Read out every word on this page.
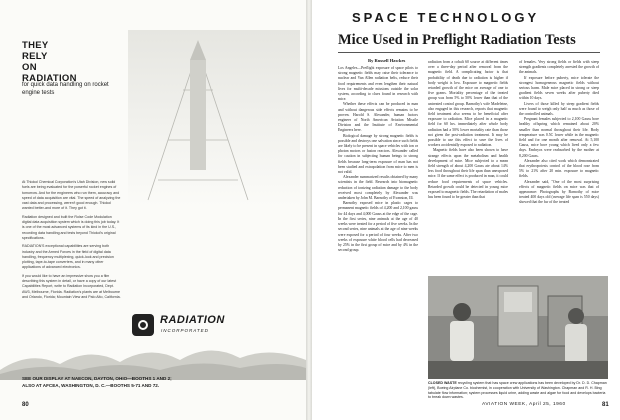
THEY
RELY
ON
RADIATION
for quick data handling on rocket engine tests

At Thiokol Chemical Corporation's Utah Division, new solid fuels are being evaluated for the powerful rocket engines of tomorrow. And for the engineers who run them, accuracy and speed of data acquisition are vital. The speed of analyzing the vast data and processing, weren't good enough. Thiokol wanted better-and more of it. They got it.

Radiation designed and built the Rolse Code Modulation digital data acquisition system which is doing this job today. It is one of the most advanced systems of its kind in the U.S., recording data handling and tests beyond Thiokol's original specifications.

RADIATION'S exceptional capabilities are serving both industry and the Armed Forces in the field of digital data handling, frequency multiplexing, quick-look and precision plotting, tape-to-tape converters, and in many other applications of advanced electronics.

If you would like to have an impressive show you a film describing this system in detail, or have a copy of our latest Capabilities Report, write to Radiation Incorporated, Dept. AW3, Melbourne, Florida. Radiation's plants are at Melbourne and Orlando, Florida; Mountain View and Palo Alto, California.

RADIATION
INCORPORATED
SEE OUR DISPLAY AT NAECON, DAYTON, OHIO—BOOTHS 1 AND 2;
ALSO AT AFCEA, WASHINGTON, D. C.—BOOTHS 5-71 AND 72.
80
SPACE TECHNOLOGY
Mice Used in Preflight Radiation Tests
By Russell Hawkes

Los Angeles—Preflight exposure of space pilots to strong magnetic fields may raise their tolerance to nuclear and Van Allen radiation belts, reduce their food requirements and even lengthen their natural lives for multi-decade missions outside the solar system, according to clues found in research with mice.

Whether these effects can be produced in man and without dangerous side effects remains to be proven. Harold S. Alexander, human factors engineer of North American Aviation Missile Division and the Institute of Environmental Engineers here.

Biological damage by strong magnetic fields is possible and destroys one salvation since such fields are likely to be present in space vehicles with ion or photon motors or fusion reactors. Alexander called for caution in subjecting human beings to strong fields because long-term exposure of man has not been studied and extrapolation from mice to men is not valid.

Alexander summarized results obtained by many scientists in the field. Research into biomagnetic reduction of ionizing radiation damage to the body received most completely by Alexander was undertaken by John M. Barnothy of Evanston, Ill.

Barnothy exposed mice in plastic cages to permanent magnetic fields of 4,200 and 2,100 gauss for 44 days and 4,000 Gauss at the edge of the cage. In the first series, nine animals at the age of 40 weeks were treated for a period of five weeks. In the second series, nine animals at the age of nine weeks were exposed for a period of four weeks. After two weeks of exposure white blood cells had decreased by 25% in the first group of mice and by 4% in the second group.

radiation from a cobalt 60 source at different times over a three-day period after removal from the magnetic field. A complicating factor is that probability of death due to radiation is higher if body weight is low. Exposure to magnetic fields retarded growth of the mice on average of one to five grams. Mortality percentage of the treated group was from 5% to 50% lower than that of the untreated control group. Barnothy's wife Madeleine, also engaged in this research, reports that magnetic field treatment also seems to be beneficial after exposure to radiation. Mice placed in a magnetic field for 60 hrs. immediately after whole body radiation had a 50% lower mortality rate than those not given the post-radiation treatment. It may be possible to use this effect to save the lives of workers accidentally exposed to radiation.

Magnetic fields have also been shown to have strange effects upon the metabolism and health development of mice. Mice subjected to a mean field strength of about 4,200 Gauss ate about 14% less food throughout their life span than unexposed mice. If the same effect is produced in man, it could reduce food requirements of space vehicles. Retarded growth could be detected in young mice exposed to magnetic fields. The retardation of males has been found to be greater than that

of females. Very strong fields or fields with steep strength gradients completely arrested the growth of the animals.

If exposure before puberty, mice tolerate the strongest homogeneous magnetic fields without serious harm. Male mice placed in strong or steep gradient fields seven weeks after puberty died within 10 days.

Livers of those killed by steep gradient fields were found to weigh only half as much as those of the controlled animals.

Pregnant females subjected to 2,100 Gauss bore healthy offspring which remained about 20% smaller than normal throughout their life. Body temperature was 0.5C lower while in the magnetic field and for one month after removal. At 5,100 Gauss, mice bore young which lived only a few days. Embryos were reabsorbed by the mother at 8,200 Gauss.

Alexander also cited work which demonstrated that erythropoiesis control of the blood rose from 5% to 21% after 20 min. exposure to magnetic fields.

Alexander said, "One of the most surprising effects of magnetic fields on mice was that of appearance: Photographs by Barnothy of mice treated 400 days old (average life span is 550 days) showed that the fur of the treated

CLOSED WASTE recycling system that has space crew applications has been developed by Dr. D. D. Chapman (left), Boeing Airplane Co. biochemist, in cooperation with University of Washington. Chapman and R. H. Bing tabulate flow information; system processes liquid urine, adding waste and algae for food and develops bacteria to break down wastes.
AVIATION WEEK, April 25, 1960	81
